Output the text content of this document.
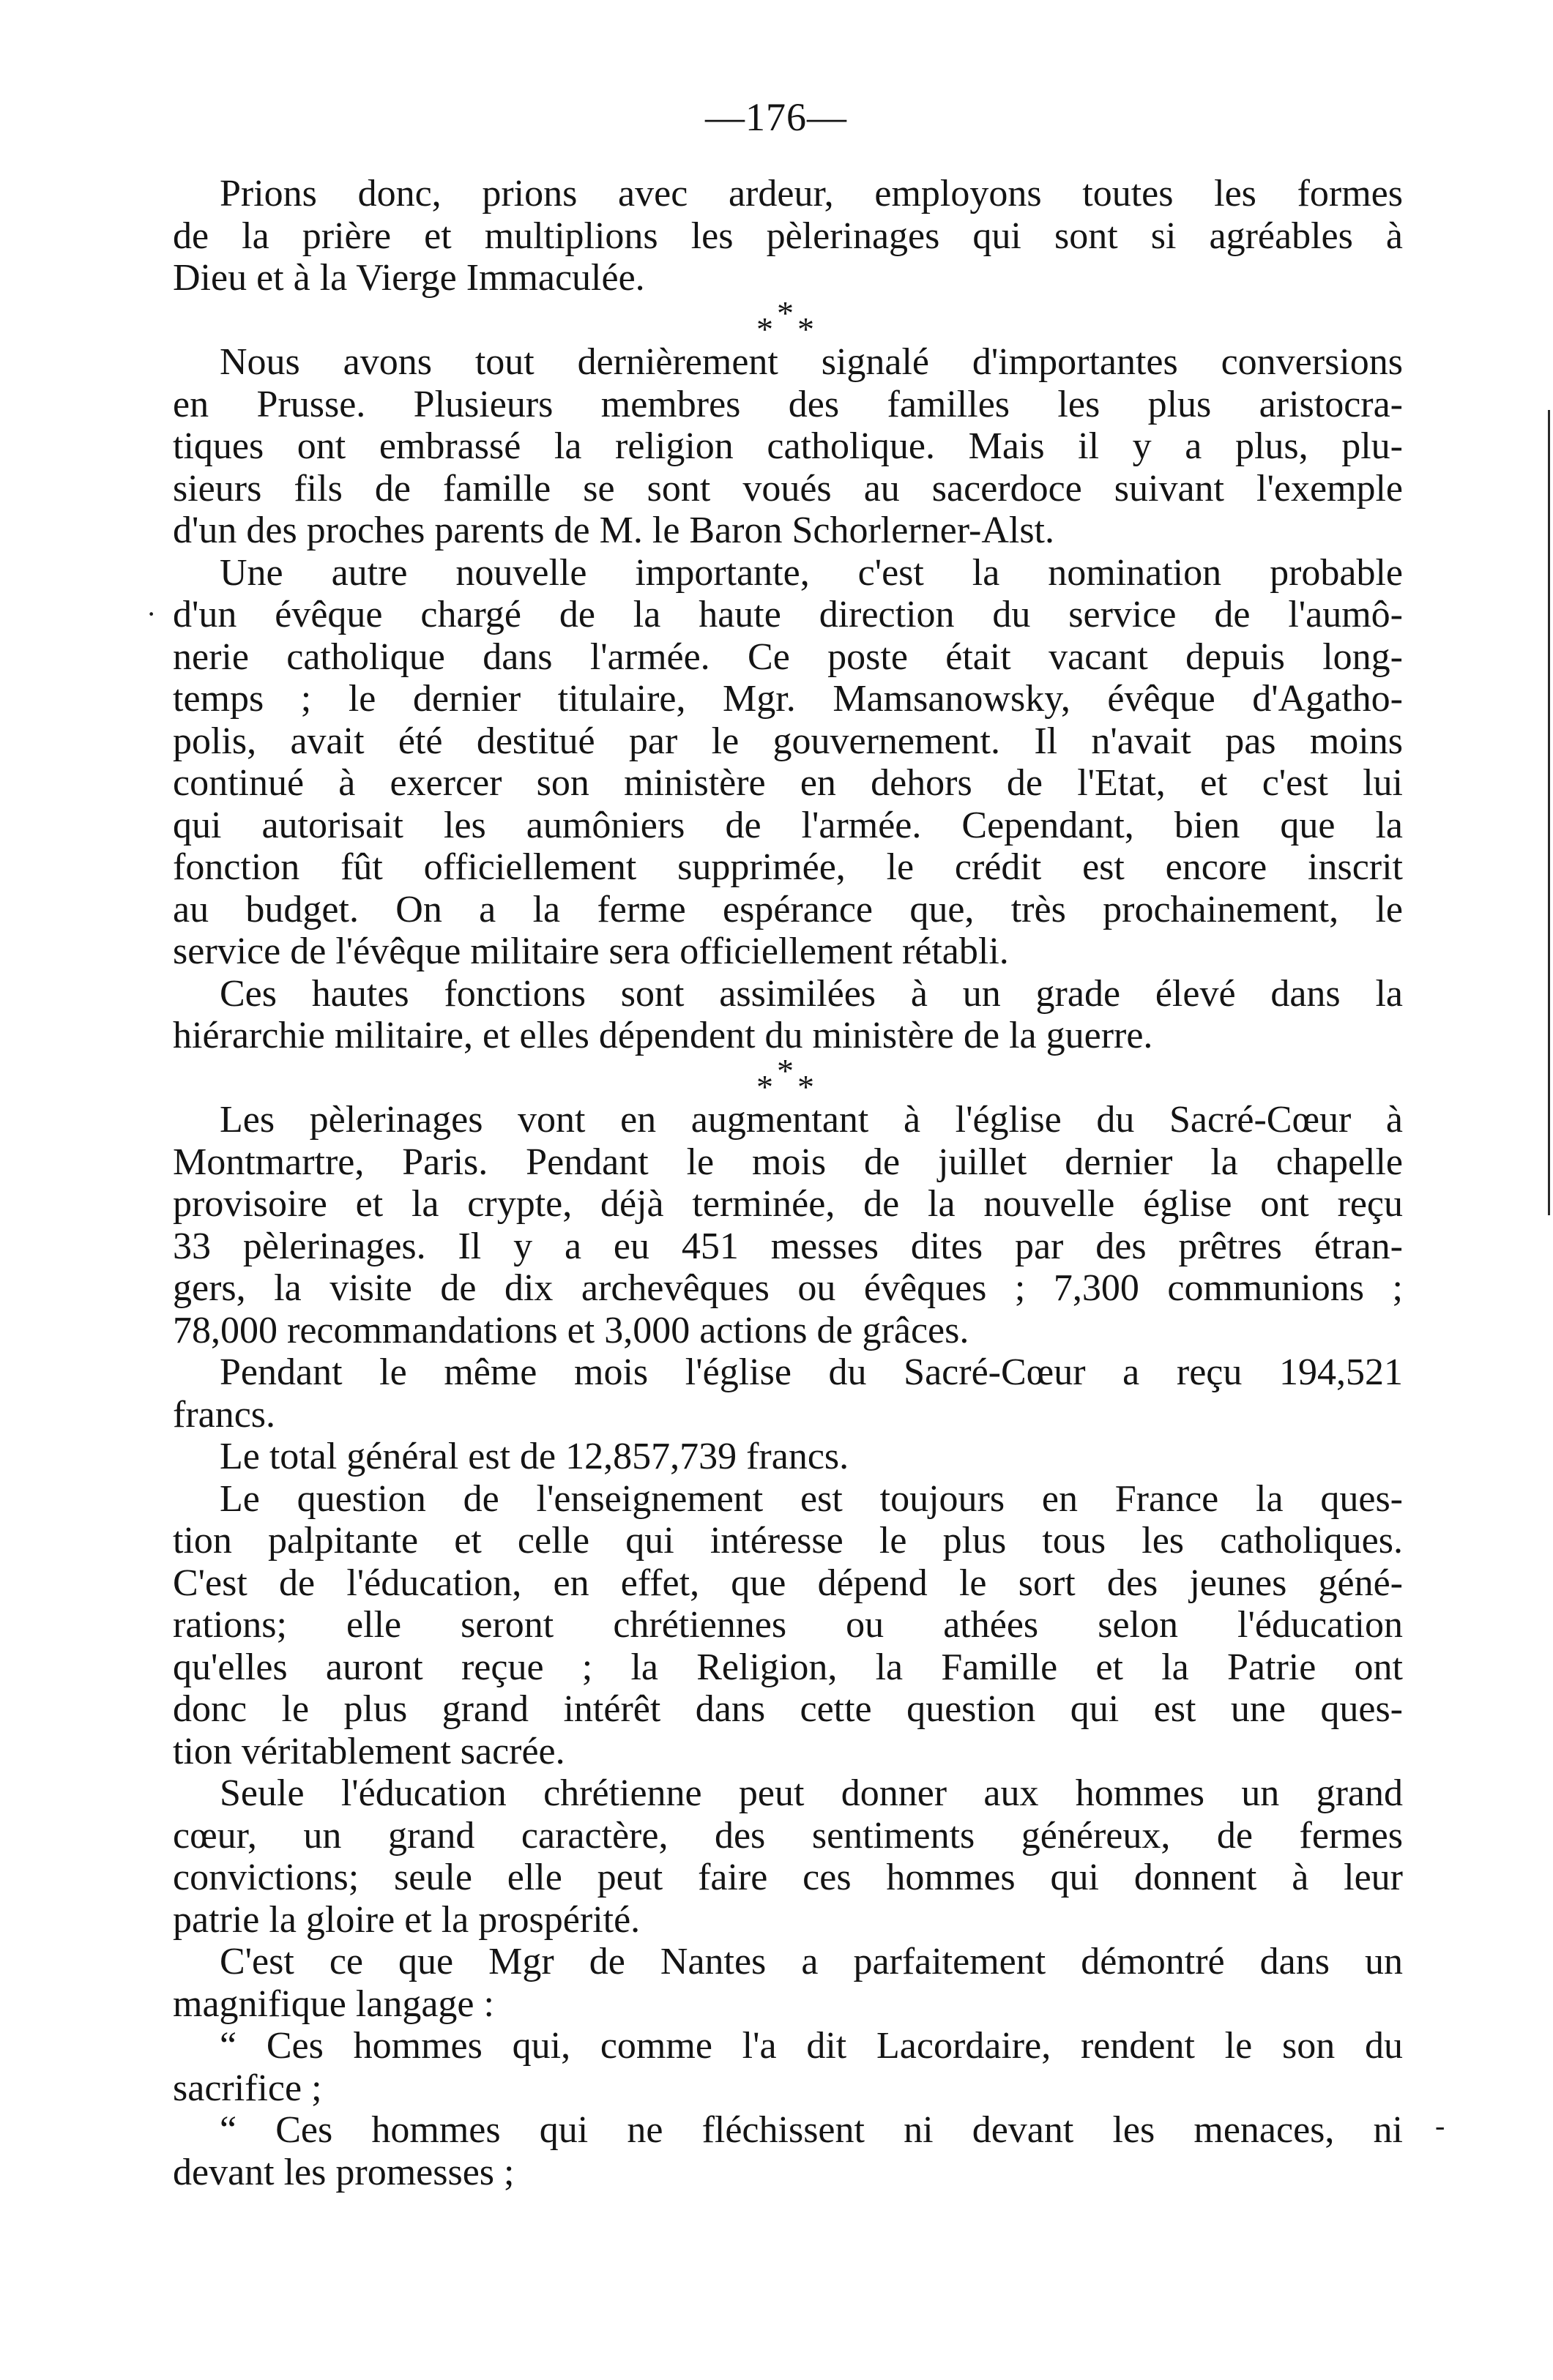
—176—
Prions donc, prions avec ardeur, employons toutes les formes
de la prière et multiplions les pèlerinages qui sont si agréables à
Dieu et à la Vierge Immaculée.
*
* *
Nous avons tout dernièrement signalé d'importantes conversions
en Prusse. Plusieurs membres des familles les plus aristocra-
tiques ont embrassé la religion catholique. Mais il y a plus, plu-
sieurs fils de famille se sont voués au sacerdoce suivant l'exemple
d'un des proches parents de M. le Baron Schorlerner-Alst.
Une autre nouvelle importante, c'est la nomination probable
d'un évêque chargé de la haute direction du service de l'aumô-
nerie catholique dans l'armée. Ce poste était vacant depuis long-
temps ; le dernier titulaire, Mgr. Mamsanowsky, évêque d'Agatho-
polis, avait été destitué par le gouvernement. Il n'avait pas moins
continué à exercer son ministère en dehors de l'Etat, et c'est lui
qui autorisait les aumôniers de l'armée. Cependant, bien que la
fonction fût officiellement supprimée, le crédit est encore inscrit
au budget. On a la ferme espérance que, très prochainement, le
service de l'évêque militaire sera officiellement rétabli.
Ces hautes fonctions sont assimilées à un grade élevé dans la
hiérarchie militaire, et elles dépendent du ministère de la guerre.
*
* *
Les pèlerinages vont en augmentant à l'église du Sacré-Cœur à
Montmartre, Paris. Pendant le mois de juillet dernier la chapelle
provisoire et la crypte, déjà terminée, de la nouvelle église ont reçu
33 pèlerinages. Il y a eu 451 messes dites par des prêtres étran-
gers, la visite de dix archevêques ou évêques ; 7,300 communions ;
78,000 recommandations et 3,000 actions de grâces.
Pendant le même mois l'église du Sacré-Cœur a reçu 194,521
francs.
Le total général est de 12,857,739 francs.
Le question de l'enseignement est toujours en France la ques-
tion palpitante et celle qui intéresse le plus tous les catholiques.
C'est de l'éducation, en effet, que dépend le sort des jeunes géné-
rations; elle seront chrétiennes ou athées selon l'éducation
qu'elles auront reçue ; la Religion, la Famille et la Patrie ont
donc le plus grand intérêt dans cette question qui est une ques-
tion véritablement sacrée.
Seule l'éducation chrétienne peut donner aux hommes un grand
cœur, un grand caractère, des sentiments généreux, de fermes
convictions; seule elle peut faire ces hommes qui donnent à leur
patrie la gloire et la prospérité.
C'est ce que Mgr de Nantes a parfaitement démontré dans un
magnifique langage :
“ Ces hommes qui, comme l'a dit Lacordaire, rendent le son du
sacrifice ;
“ Ces hommes qui ne fléchissent ni devant les menaces, ni
devant les promesses ;
·
-
